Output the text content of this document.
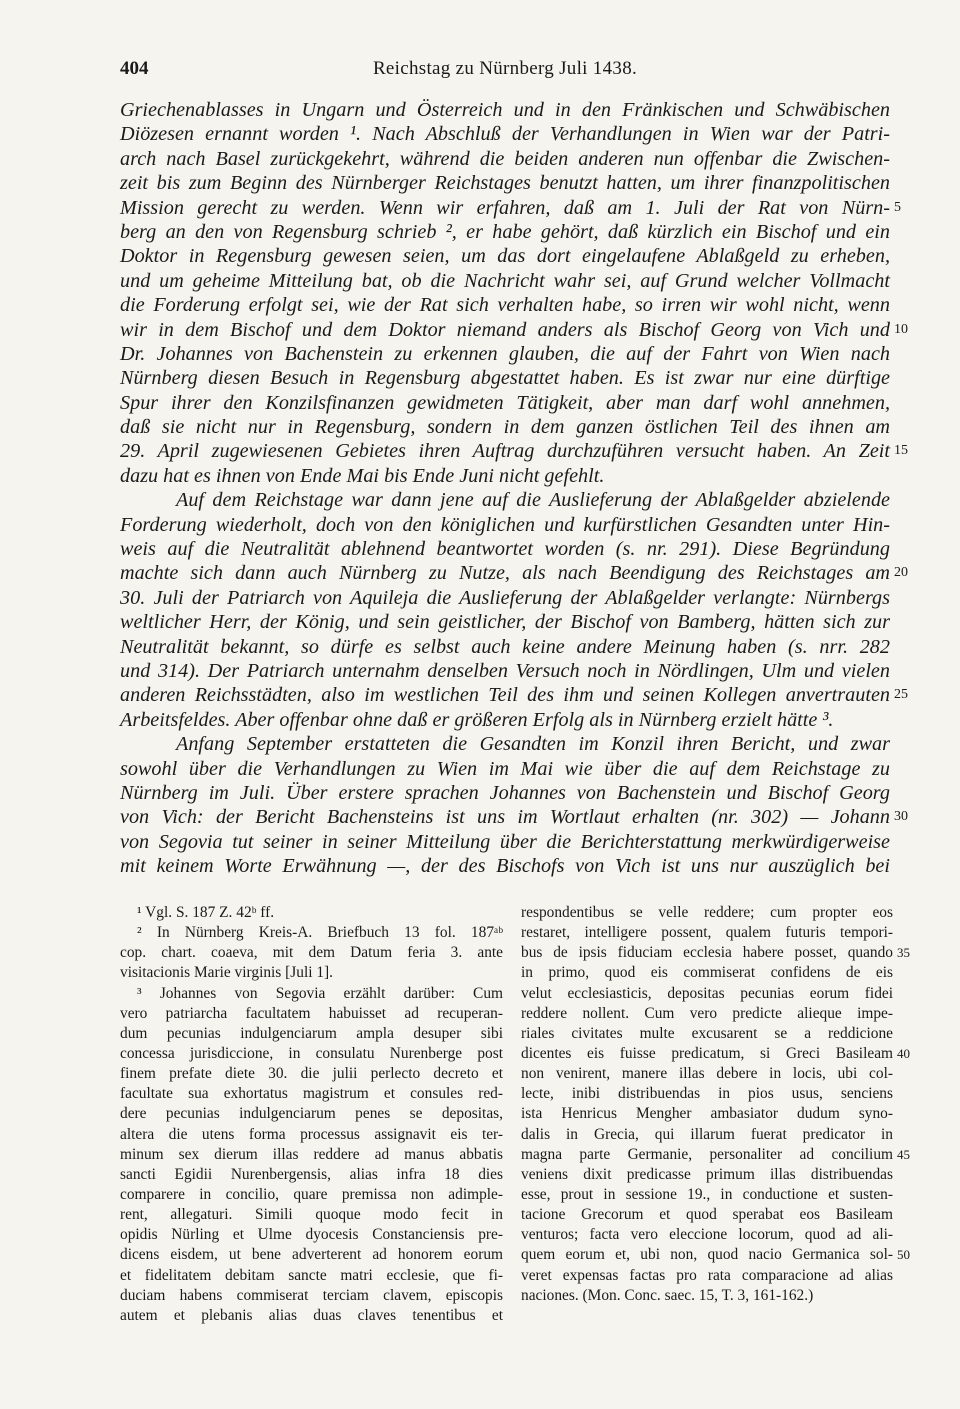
404	Reichstag zu Nürnberg Juli 1438.
Griechenablasses in Ungarn und Österreich und in den Fränkischen und Schwäbischen
Diözesen ernannt worden ¹. Nach Abschluß der Verhandlungen in Wien war der Patri-
arch nach Basel zurückgekehrt, während die beiden anderen nun offenbar die Zwischen-
zeit bis zum Beginn des Nürnberger Reichstages benutzt hatten, um ihrer finanzpolitischen
Mission gerecht zu werden. Wenn wir erfahren, daß am 1. Juli der Rat von Nürn- 5
berg an den von Regensburg schrieb ², er habe gehört, daß kürzlich ein Bischof und ein
Doktor in Regensburg gewesen seien, um das dort eingelaufene Ablaßgeld zu erheben,
und um geheime Mitteilung bat, ob die Nachricht wahr sei, auf Grund welcher Vollmacht
die Forderung erfolgt sei, wie der Rat sich verhalten habe, so irren wir wohl nicht, wenn
wir in dem Bischof und dem Doktor niemand anders als Bischof Georg von Vich und 10
Dr. Johannes von Bachenstein zu erkennen glauben, die auf der Fahrt von Wien nach
Nürnberg diesen Besuch in Regensburg abgestattet haben. Es ist zwar nur eine dürftige
Spur ihrer den Konzilsfinanzen gewidmeten Tätigkeit, aber man darf wohl annehmen,
daß sie nicht nur in Regensburg, sondern in dem ganzen östlichen Teil des ihnen am
29. April zugewiesenen Gebietes ihren Auftrag durchzuführen versucht haben. An Zeit 15
dazu hat es ihnen von Ende Mai bis Ende Juni nicht gefehlt.
Auf dem Reichstage war dann jene auf die Auslieferung der Ablaßgelder abzielende
Forderung wiederholt, doch von den königlichen und kurfürstlichen Gesandten unter Hin-
weis auf die Neutralität ablehnend beantwortet worden (s. nr. 291). Diese Begründung
machte sich dann auch Nürnberg zu Nutze, als nach Beendigung des Reichstages am 20
30. Juli der Patriarch von Aquileja die Auslieferung der Ablaßgelder verlangte: Nürnbergs
weltlicher Herr, der König, und sein geistlicher, der Bischof von Bamberg, hätten sich zur
Neutralität bekannt, so dürfe es selbst auch keine andere Meinung haben (s. nrr. 282
und 314). Der Patriarch unternahm denselben Versuch noch in Nördlingen, Ulm und vielen
anderen Reichsstädten, also im westlichen Teil des ihm und seinen Kollegen anvertrauten 25
Arbeitsfeldes. Aber offenbar ohne daß er größeren Erfolg als in Nürnberg erzielt hätte ³.
Anfang September erstatteten die Gesandten im Konzil ihren Bericht, und zwar
sowohl über die Verhandlungen zu Wien im Mai wie über die auf dem Reichstage zu
Nürnberg im Juli. Über erstere sprachen Johannes von Bachenstein und Bischof Georg
von Vich: der Bericht Bachensteins ist uns im Wortlaut erhalten (nr. 302) — Johann 30
von Segovia tut seiner in seiner Mitteilung über die Berichterstattung merkwürdigerweise
mit keinem Worte Erwähnung —, der des Bischofs von Vich ist uns nur auszüglich bei
¹ Vgl. S. 187 Z. 42ᵇ ff.
² In Nürnberg Kreis-A. Briefbuch 13 fol. 187ᵃᵇ
cop. chart. coaeva, mit dem Datum feria 3. ante
visitacionis Marie virginis [Juli 1].
³ Johannes von Segovia erzählt darüber: Cum
vero patriarcha facultatem habuisset ad recuperan-
dum pecunias indulgenciarum ampla desuper sibi
concessa jurisdiccione, in consulatu Nurenberge post
finem prefate diete 30. die julii perlecto decreto et
facultate sua exhortatus magistrum et consules red-
dere pecunias indulgenciarum penes se depositas,
altera die utens forma processus assignavit eis ter-
minum sex dierum illas reddere ad manus abbatis
sancti Egidii Nurenbergensis, alias infra 18 dies
comparere in concilio, quare premissa non adimple-
rent, allegaturi. Simili quoque modo fecit in
opidis Nürling et Ulme dyocesis Constanciensis pre-
dicens eisdem, ut bene adverterent ad honorem eorum
et fidelitatem debitam sancte matri ecclesie, que fi-
duciam habens commiserat terciam clavem, episcopis
autem et plebanis alias duas claves tenentibus et
respondentibus se velle reddere; cum propter eos
restaret, intelligere possent, qualem futuris tempori-
bus de ipsis fiduciam ecclesia habere posset, quando 35
in primo, quod eis commiserat confidens de eis
velut ecclesiasticis, depositas pecunias eorum fidei
reddere nollent. Cum vero predicte alieque impe-
riales civitates multe excusarent se a reddicione
dicentes eis fuisse predicatum, si Greci Basileam 40
non venirent, manere illas debere in locis, ubi col-
lecte, inibi distribuendas in pios usus, senciens
ista Henricus Mengher ambasiator dudum syno-
dalis in Grecia, qui illarum fuerat predicator in
magna parte Germanie, personaliter ad concilium 45
veniens dixit predicasse primum illas distribuendas
esse, prout in sessione 19., in conductione et susten-
tacione Grecorum et quod sperabat eos Basileam
venturos; facta vero eleccione locorum, quod ad ali-
quem eorum et, ubi non, quod nacio Germanica sol- 50
veret expensas factas pro rata comparacione ad alias
naciones. (Mon. Conc. saec. 15, T. 3, 161-162.)
